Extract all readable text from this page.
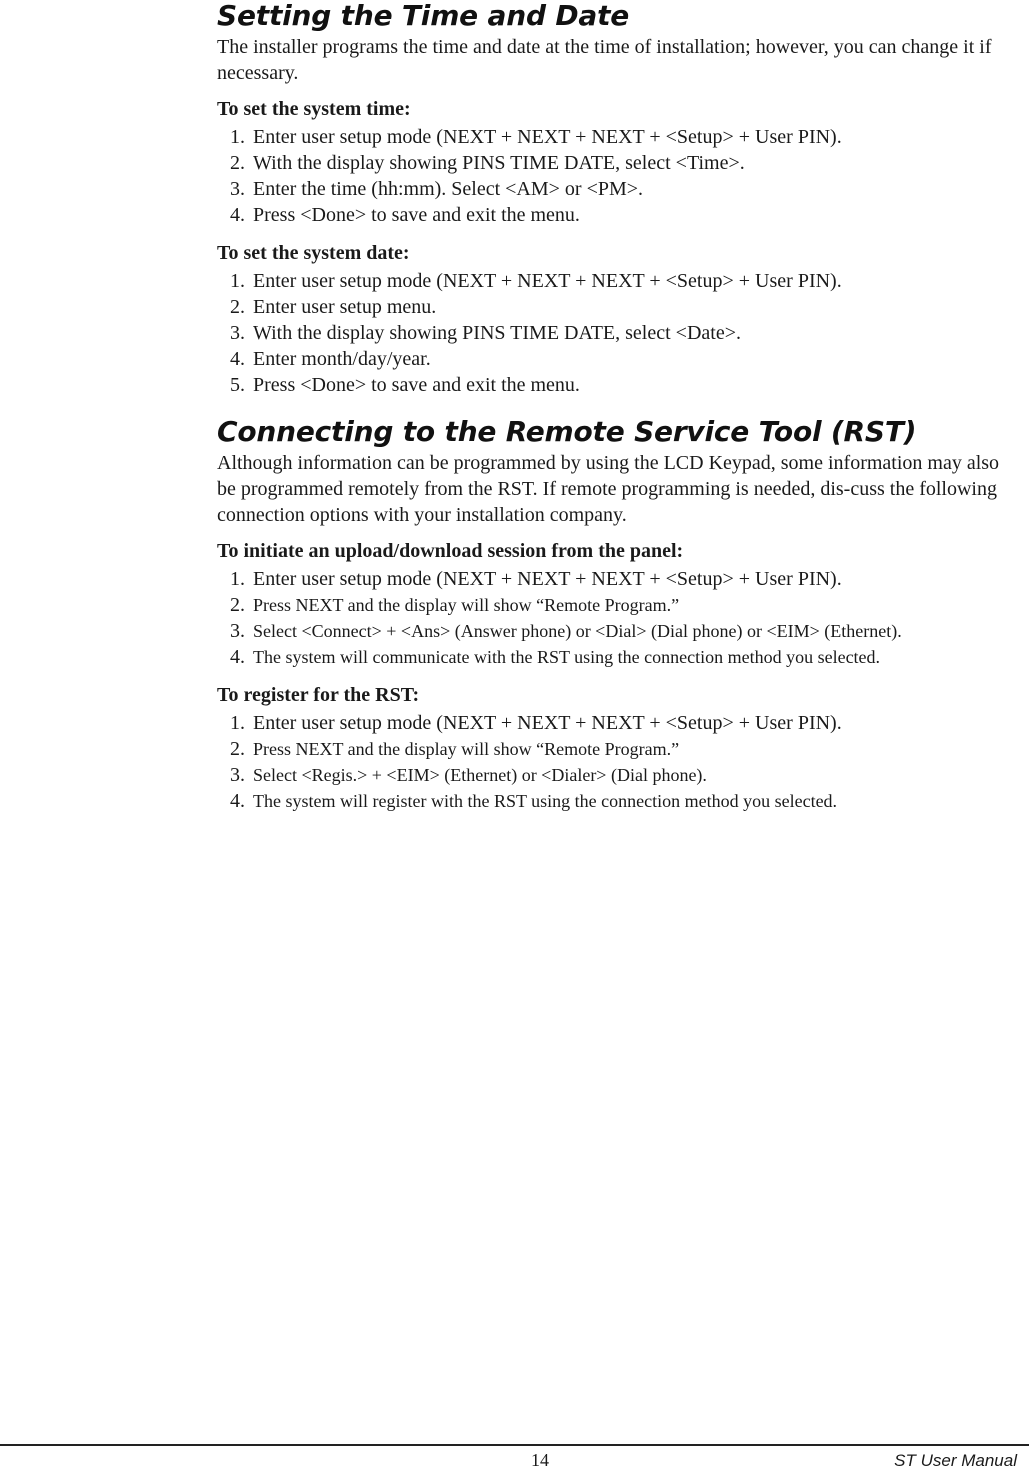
Setting the Time and Date

The installer programs the time and date at the time of installation; however, you can change it if necessary.

To set the system time:
1. Enter user setup mode (NEXT + NEXT + NEXT + <Setup> + User PIN).
2. With the display showing PINS TIME DATE, select <Time>.
3. Enter the time (hh:mm). Select <AM> or <PM>.
4. Press <Done> to save and exit the menu.
To set the system date:
1. Enter user setup mode (NEXT + NEXT + NEXT + <Setup> + User PIN).
2. Enter user setup menu.
3. With the display showing PINS TIME DATE, select <Date>.
4. Enter month/day/year.
5. Press <Done> to save and exit the menu.
Connecting to the Remote Service Tool (RST)

Although information can be programmed by using the LCD Keypad, some information may also be programmed remotely from the RST. If remote programming is needed, dis-cuss the following connection options with your installation company.

To initiate an upload/download session from the panel:
1. Enter user setup mode (NEXT + NEXT + NEXT + <Setup> + User PIN).
2. Press NEXT and the display will show “Remote Program.”
3. Select <Connect> + <Ans> (Answer phone) or <Dial> (Dial phone) or <EIM> (Ethernet).
4. The system will communicate with the RST using the connection method you selected.
To register for the RST:
1. Enter user setup mode (NEXT + NEXT + NEXT + <Setup> + User PIN).
2. Press NEXT and the display will show “Remote Program.”
3. Select <Regis.> + <EIM> (Ethernet) or <Dialer> (Dial phone).
4. The system will register with the RST using the connection method you selected.
14	ST User Manual
